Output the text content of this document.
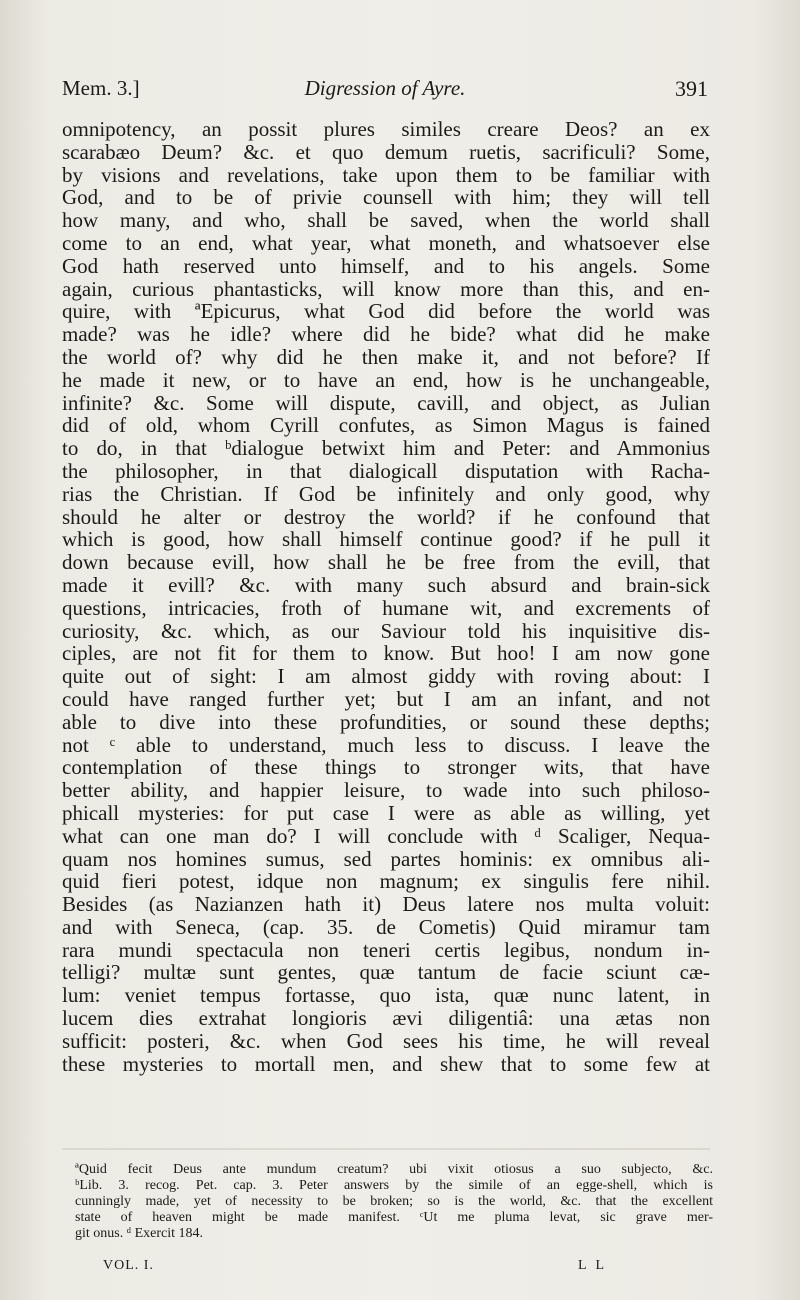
Mem. 3.]	Digression of Ayre.	391
omnipotency, an possit plures similes creare Deos? an ex
scarabæo Deum? &c. et quo demum ruetis, sacrificuli? Some,
by visions and revelations, take upon them to be familiar with
God, and to be of privie counsell with him; they will tell
how many, and who, shall be saved, when the world shall
come to an end, what year, what moneth, and whatsoever else
God hath reserved unto himself, and to his angels. Some
again, curious phantasticks, will know more than this, and en-
quire, with ªEpicurus, what God did before the world was
made? was he idle? where did he bide? what did he make
the world of? why did he then make it, and not before? If
he made it new, or to have an end, how is he unchangeable,
infinite? &c. Some will dispute, cavill, and object, as Julian
did of old, whom Cyrill confutes, as Simon Magus is fained
to do, in that ᵇdialogue betwixt him and Peter: and Ammonius
the philosopher, in that dialogicall disputation with Racha-
rias the Christian. If God be infinitely and only good, why
should he alter or destroy the world? if he confound that
which is good, how shall himself continue good? if he pull it
down because evill, how shall he be free from the evill, that
made it evill? &c. with many such absurd and brain-sick
questions, intricacies, froth of humane wit, and excrements of
curiosity, &c. which, as our Saviour told his inquisitive dis-
ciples, are not fit for them to know. But hoo! I am now gone
quite out of sight: I am almost giddy with roving about: I
could have ranged further yet; but I am an infant, and not
able to dive into these profundities, or sound these depths;
not ᶜ able to understand, much less to discuss. I leave the
contemplation of these things to stronger wits, that have
better ability, and happier leisure, to wade into such philoso-
phicall mysteries: for put case I were as able as willing, yet
what can one man do? I will conclude with ᵈ Scaliger, Nequa-
quam nos homines sumus, sed partes hominis: ex omnibus ali-
quid fieri potest, idque non magnum; ex singulis fere nihil.
Besides (as Nazianzen hath it) Deus latere nos multa voluit:
and with Seneca, (cap. 35. de Cometis) Quid miramur tam
rara mundi spectacula non teneri certis legibus, nondum in-
telligi? multæ sunt gentes, quæ tantum de facie sciunt cæ-
lum: veniet tempus fortasse, quo ista, quæ nunc latent, in
lucem dies extrahat longioris ævi diligentiâ: una ætas non
sufficit: posteri, &c. when God sees his time, he will reveal
these mysteries to mortall men, and shew that to some few at
ªQuid fecit Deus ante mundum creatum? ubi vixit otiosus a suo subjecto, &c.
ᵇLib. 3. recog. Pet. cap. 3. Peter answers by the simile of an egge-shell, which is
cunningly made, yet of necessity to be broken; so is the world, &c. that the excellent
state of heaven might be made manifest. ᶜUt me pluma levat, sic grave mer-
git onus. ᵈ Exercit 184.
VOL. I.	L L
